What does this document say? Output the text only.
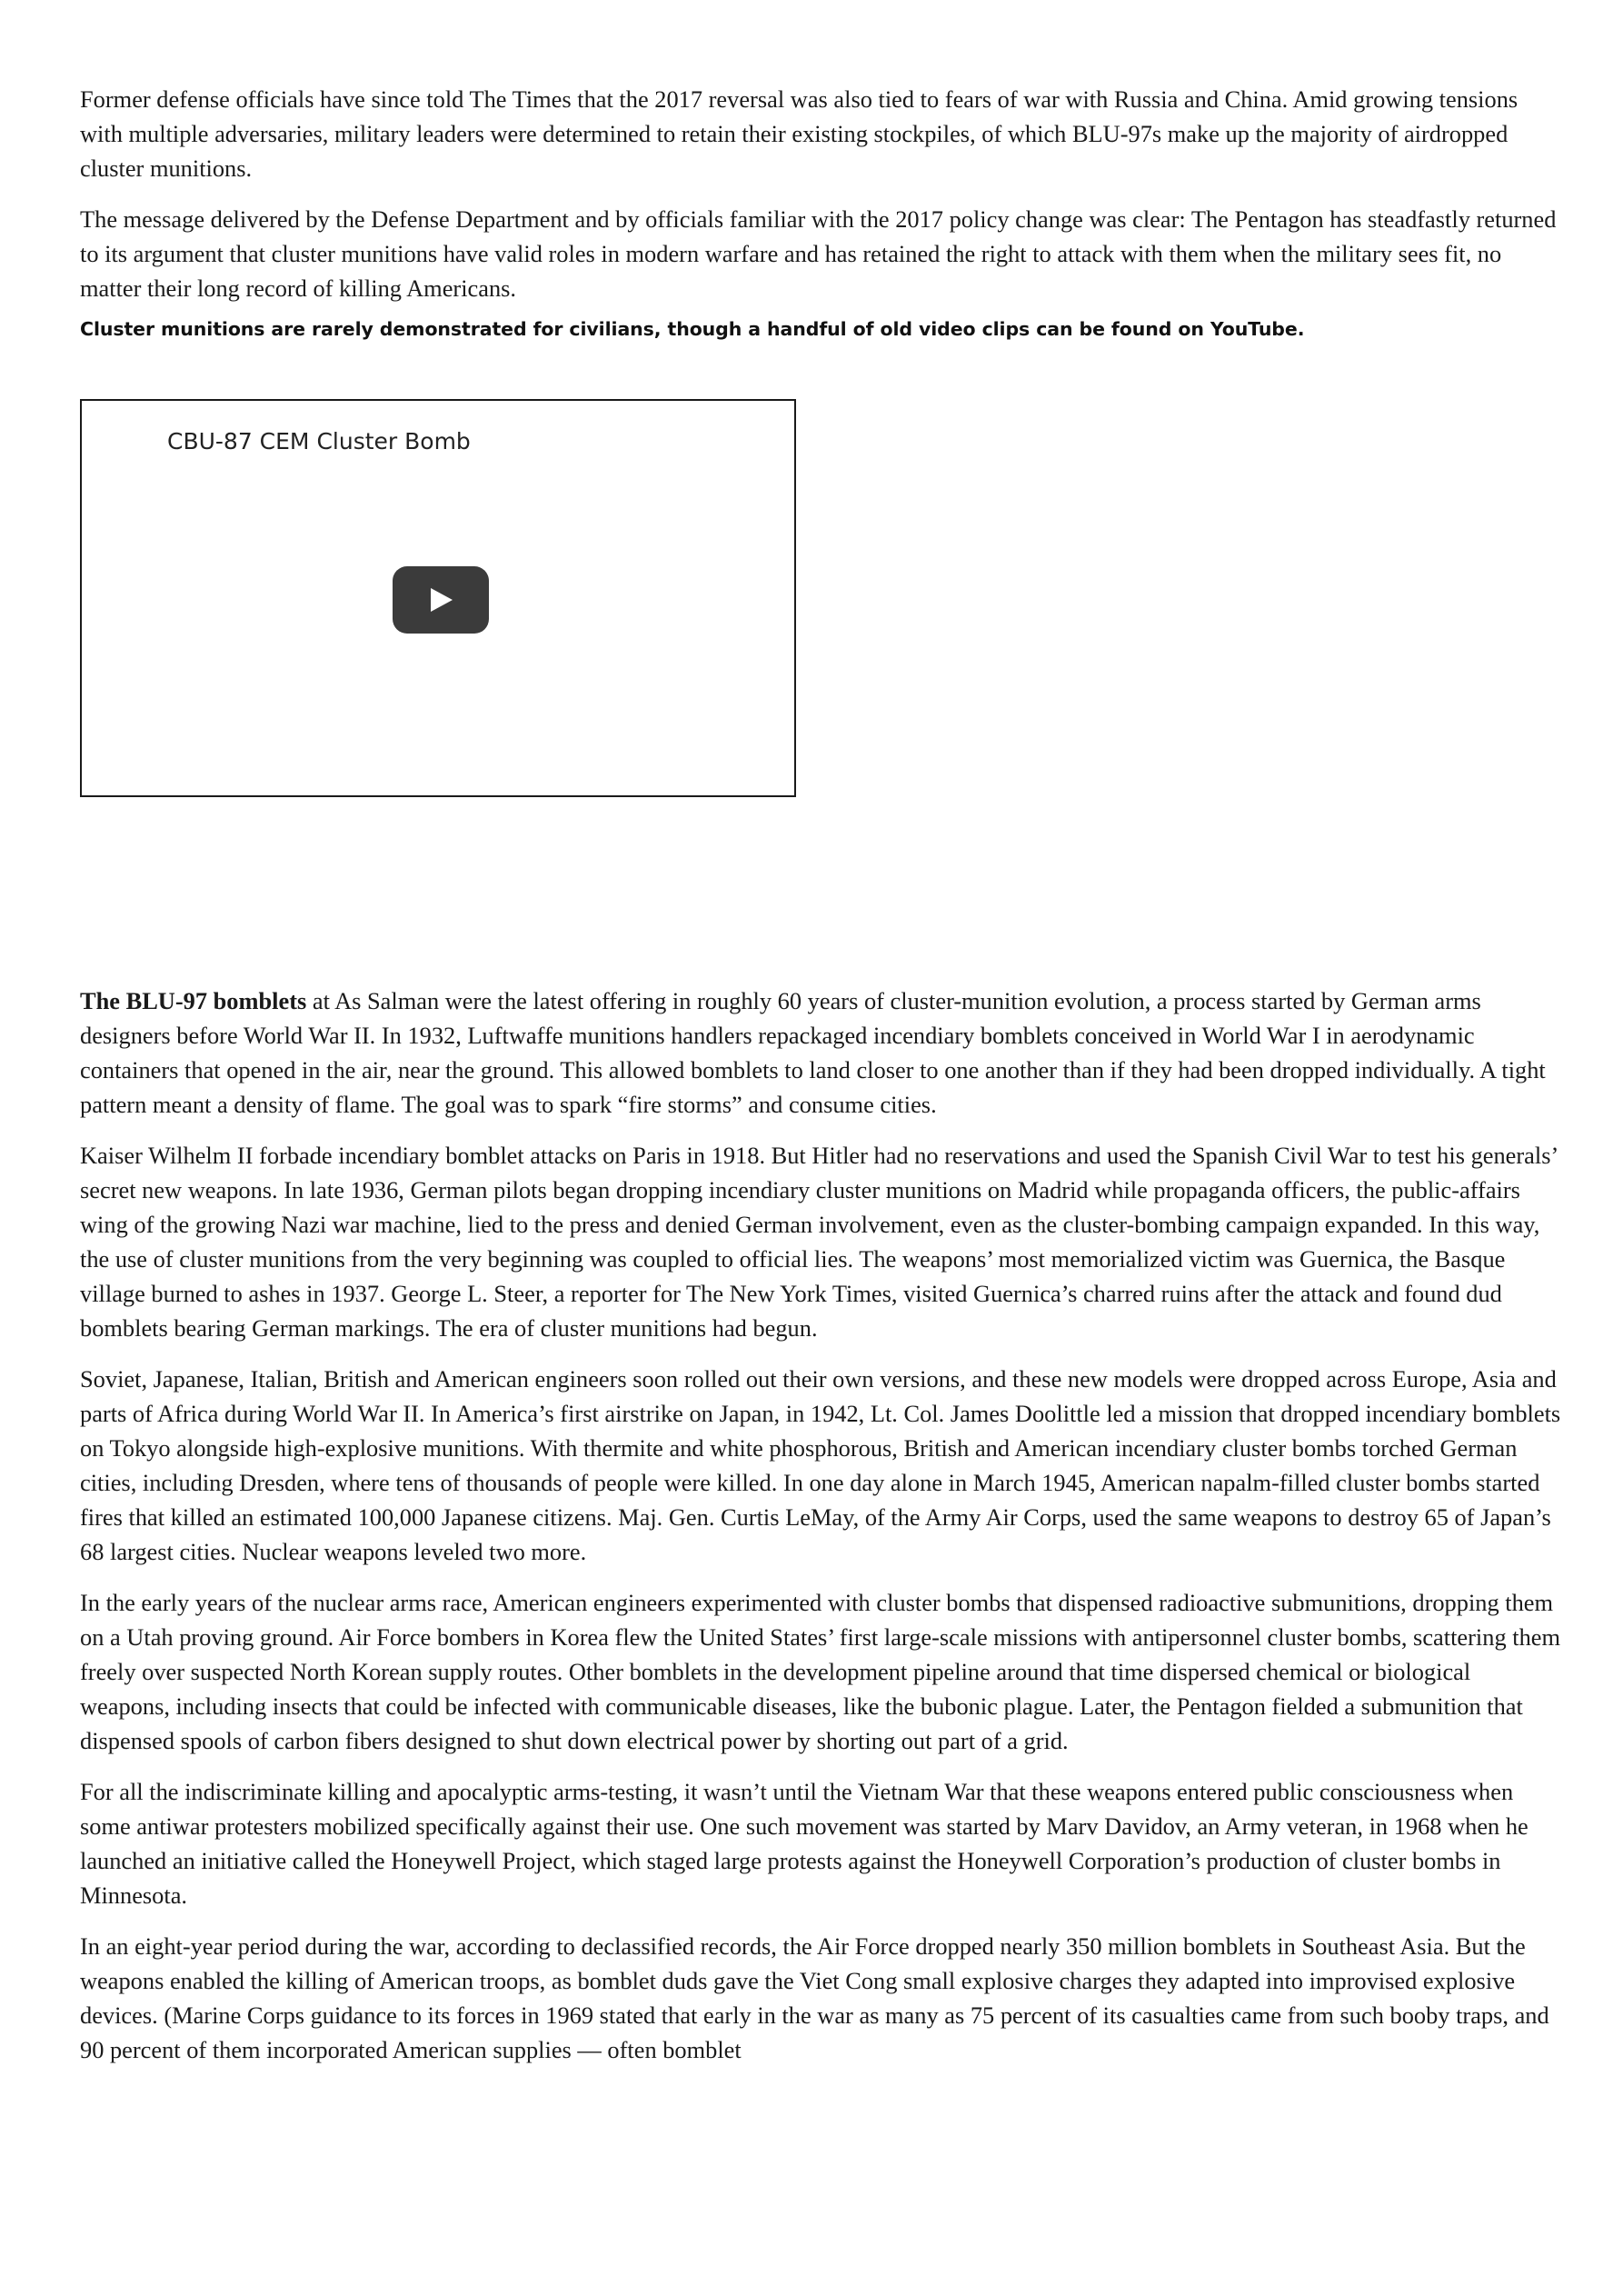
Former defense officials have since told The Times that the 2017 reversal was also tied to fears of war with Russia and China. Amid growing tensions with multiple adversaries, military leaders were determined to retain their existing stockpiles, of which BLU-97s make up the majority of airdropped cluster munitions.

The message delivered by the Defense Department and by officials familiar with the 2017 policy change was clear: The Pentagon has steadfastly returned to its argument that cluster munitions have valid roles in modern warfare and has retained the right to attack with them when the military sees fit, no matter their long record of killing Americans.

Cluster munitions are rarely demonstrated for civilians, though a handful of old video clips can be found on YouTube.
CBU-87 CEM Cluster Bomb

The BLU-97 bomblets at As Salman were the latest offering in roughly 60 years of cluster-munition evolution, a process started by German arms designers before World War II. In 1932, Luftwaffe munitions handlers repackaged incendiary bomblets conceived in World War I in aerodynamic containers that opened in the air, near the ground. This allowed bomblets to land closer to one another than if they had been dropped individually. A tight pattern meant a density of flame. The goal was to spark “fire storms” and consume cities.

Kaiser Wilhelm II forbade incendiary bomblet attacks on Paris in 1918. But Hitler had no reservations and used the Spanish Civil War to test his generals’ secret new weapons. In late 1936, German pilots began dropping incendiary cluster munitions on Madrid while propaganda officers, the public-affairs wing of the growing Nazi war machine, lied to the press and denied German involvement, even as the cluster-bombing campaign expanded. In this way, the use of cluster munitions from the very beginning was coupled to official lies. The weapons’ most memorialized victim was Guernica, the Basque village burned to ashes in 1937. George L. Steer, a reporter for The New York Times, visited Guernica’s charred ruins after the attack and found dud bomblets bearing German markings. The era of cluster munitions had begun.

Soviet, Japanese, Italian, British and American engineers soon rolled out their own versions, and these new models were dropped across Europe, Asia and parts of Africa during World War II. In America’s first airstrike on Japan, in 1942, Lt. Col. James Doolittle led a mission that dropped incendiary bomblets on Tokyo alongside high-explosive munitions. With thermite and white phosphorous, British and American incendiary cluster bombs torched German cities, including Dresden, where tens of thousands of people were killed. In one day alone in March 1945, American napalm-filled cluster bombs started fires that killed an estimated 100,000 Japanese citizens. Maj. Gen. Curtis LeMay, of the Army Air Corps, used the same weapons to destroy 65 of Japan’s 68 largest cities. Nuclear weapons leveled two more.

In the early years of the nuclear arms race, American engineers experimented with cluster bombs that dispensed radioactive submunitions, dropping them on a Utah proving ground. Air Force bombers in Korea flew the United States’ first large-scale missions with antipersonnel cluster bombs, scattering them freely over suspected North Korean supply routes. Other bomblets in the development pipeline around that time dispersed chemical or biological weapons, including insects that could be infected with communicable diseases, like the bubonic plague. Later, the Pentagon fielded a submunition that dispensed spools of carbon fibers designed to shut down electrical power by shorting out part of a grid.

For all the indiscriminate killing and apocalyptic arms-testing, it wasn’t until the Vietnam War that these weapons entered public consciousness when some antiwar protesters mobilized specifically against their use. One such movement was started by Marv Davidov, an Army veteran, in 1968 when he launched an initiative called the Honeywell Project, which staged large protests against the Honeywell Corporation’s production of cluster bombs in Minnesota.

In an eight-year period during the war, according to declassified records, the Air Force dropped nearly 350 million bomblets in Southeast Asia. But the weapons enabled the killing of American troops, as bomblet duds gave the Viet Cong small explosive charges they adapted into improvised explosive devices. (Marine Corps guidance to its forces in 1969 stated that early in the war as many as 75 percent of its casualties came from such booby traps, and 90 percent of them incorporated American supplies — often bomblet
